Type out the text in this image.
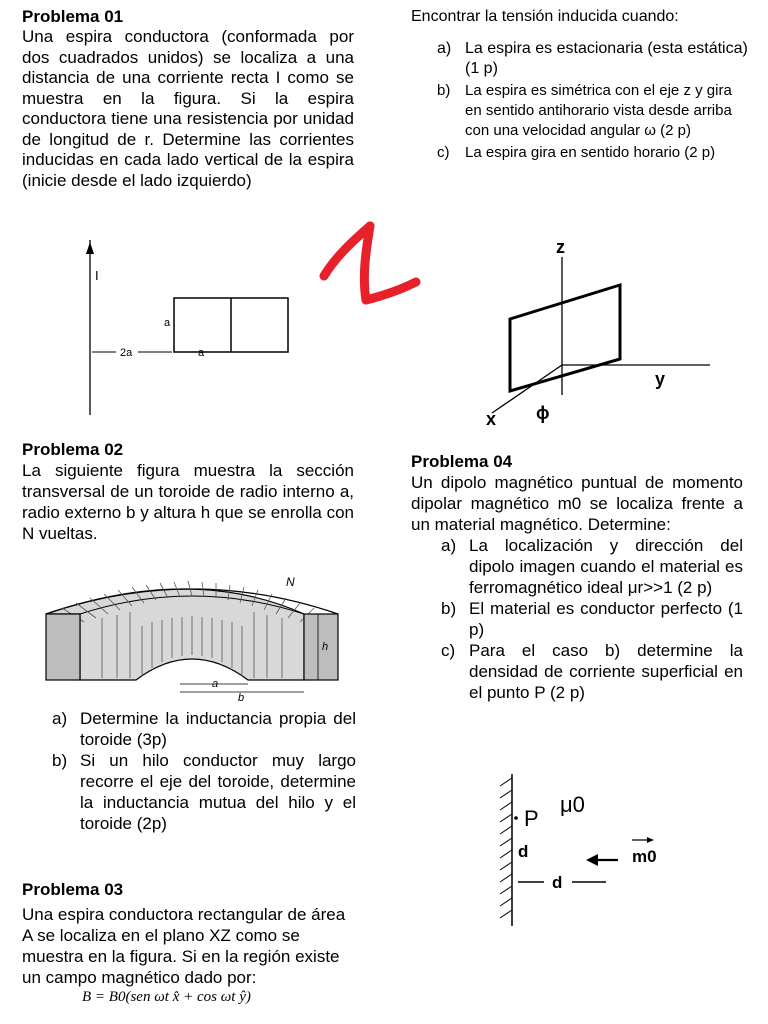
Problema 01
Una espira conductora (conformada por dos cuadrados unidos) se localiza a una distancia de una corriente recta I como se muestra en la figura. Si la espira conductora tiene una resistencia por unidad de longitud de r. Determine las corrientes inducidas en cada lado vertical de la espira (inicie desde el lado izquierdo)
I
a
2a	a
Encontrar la tensión inducida cuando:
a) La espira es estacionaria (esta estática) (1 p)
b) La espira es simétrica con el eje z y gira en sentido antihorario vista desde arriba con una velocidad angular ω (2 p)
c) La espira gira en sentido horario (2 p)
z
y
x ϕ
Problema 02
La siguiente figura muestra la sección transversal de un toroide de radio interno a, radio externo b y altura h que se enrolla con N vueltas.
N
h
a
b
a) Determine la inductancia propia del toroide (3p)
b) Si un hilo conductor muy largo recorre el eje del toroide, determine la inductancia mutua del hilo y el toroide (2p)
Problema 03
Una espira conductora rectangular de área A se localiza en el plano XZ como se muestra en la figura. Si en la región existe un campo magnético dado por:
B = B0(sen ωt x̂ + cos ωt ŷ)
Problema 04
Un dipolo magnético puntual de momento dipolar magnético m0 se localiza frente a un material magnético. Determine:
a) La localización y dirección del dipolo imagen cuando el material es ferromagnético ideal μr>>1 (2 p)
b) El material es conductor perfecto (1 p)
c) Para el caso b) determine la densidad de corriente superficial en el punto P (2 p)
P
μ0
d
d
m0
